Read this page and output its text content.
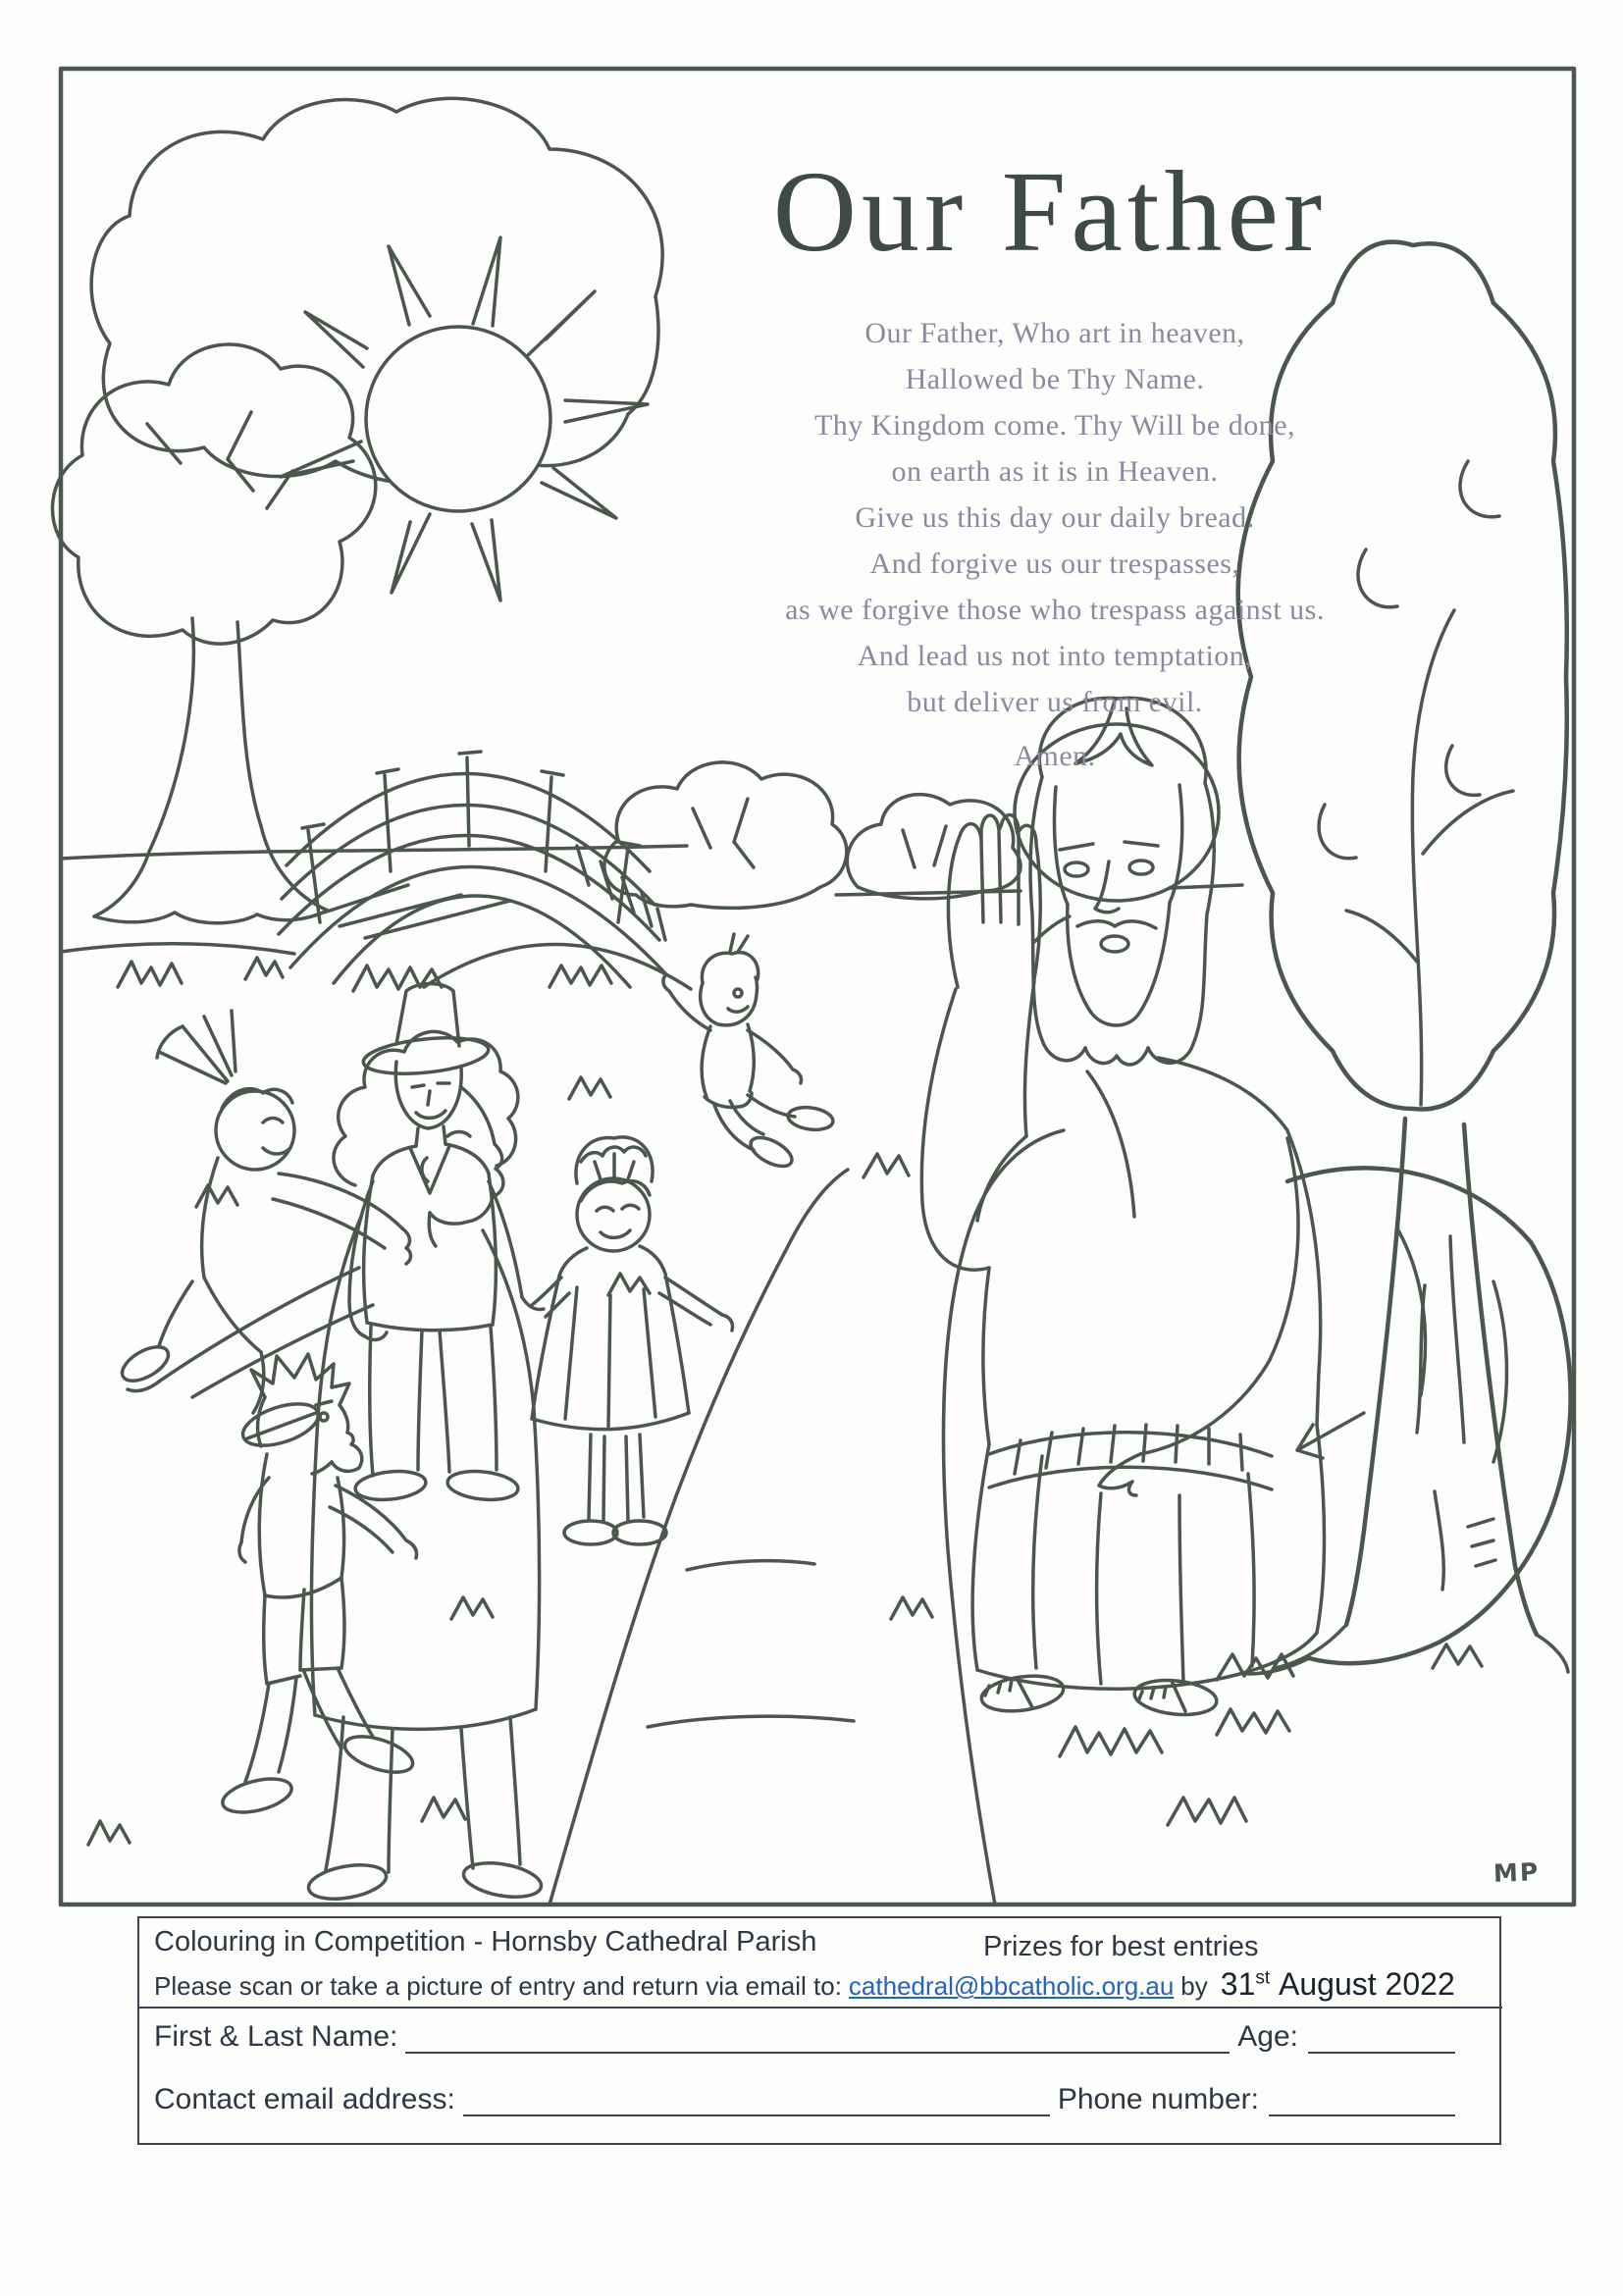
Our Father
Our Father, Who art in heaven,
Hallowed be Thy Name.
Thy Kingdom come. Thy Will be done,
on earth as it is in Heaven.
Give us this day our daily bread.
And forgive us our trespasses,
as we forgive those who trespass against us.
And lead us not into temptation,
but deliver us from evil.
Amen.
MP
Colouring in Competition - Hornsby Cathedral Parish	Prizes for best entries
Please scan or take a picture of entry and return via email to: cathedral@bbcatholic.org.au by 31st August 2022
First & Last Name:	Age:
Contact email address:	Phone number:
